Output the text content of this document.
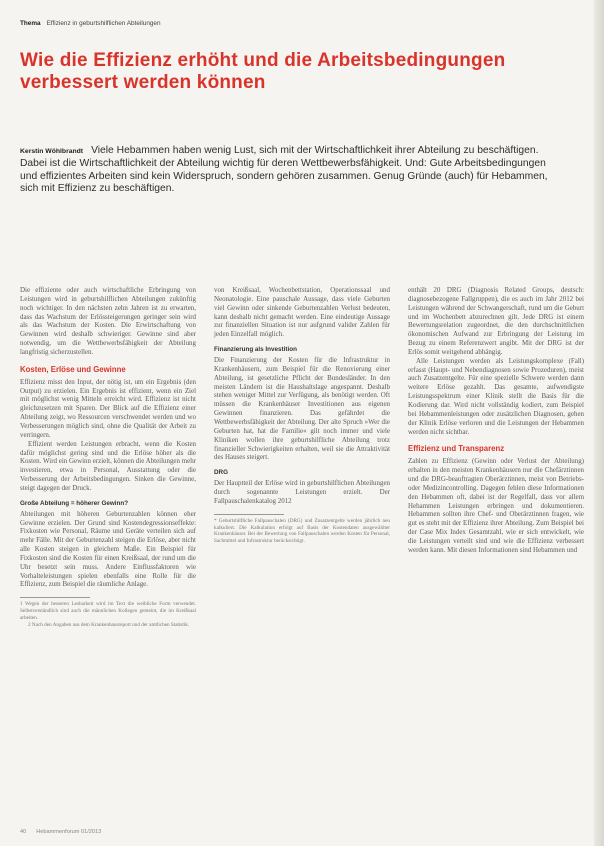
Thema Effizienz in geburtshilflichen Abteilungen
Wie die Effizienz erhöht und die Arbeitsbedingungen verbessert werden können
Kerstin Wöhlbrandt Viele Hebammen haben wenig Lust, sich mit der Wirtschaftlichkeit ihrer Abteilung zu beschäftigen. Dabei ist die Wirtschaftlichkeit der Abteilung wichtig für deren Wettbewerbsfähigkeit. Und: Gute Arbeitsbedingungen und effizientes Arbeiten sind kein Widerspruch, sondern gehören zusammen. Genug Gründe (auch) für Hebammen, sich mit Effizienz zu beschäftigen.

Die effiziente oder auch wirtschaftliche Erbringung von Leistungen wird in geburtshilflichen Abteilungen zukünftig noch wichtiger. In den nächsten zehn Jahren ist zu erwarten, dass das Wachstum der Erlössteigerungen geringer sein wird als das Wachstum der Kosten. Die Erwirtschaftung von Gewinnen wird deshalb schwieriger. Gewinne sind aber notwendig, um die Wettbewerbsfähigkeit der Abteilung langfristig sicherzustellen.

Kosten, Erlöse und Gewinne

Effizienz misst den Input, der nötig ist, um ein Ergebnis (den Output) zu erzielen. Ein Ergebnis ist effizient, wenn ein Ziel mit möglichst wenig Mitteln erreicht wird. Effizienz ist nicht gleichzusetzen mit Sparen. Der Blick auf die Effizienz einer Abteilung zeigt, wo Ressourcen verschwendet werden und wo Verbesserungen möglich sind, ohne die Qualität der Arbeit zu verringern.

Effizient werden Leistungen erbracht, wenn die Kosten dafür möglichst gering sind und die Erlöse höher als die Kosten. Wird ein Gewinn erzielt, können die Abteilungen mehr investieren, etwa in Personal, Ausstattung oder die Verbesserung der Arbeitsbedingungen. Sinken die Gewinne, steigt dagegen der Druck.

Große Abteilung = höherer Gewinn?

Abteilungen mit höheren Geburtenzahlen können eher Gewinne erzielen. Der Grund sind Kostendegressionseffekte: Fixkosten wie Personal, Räume und Geräte verteilen sich auf mehr Fälle. Mit der Geburtenzahl steigen die Erlöse, aber nicht alle Kosten steigen in gleichem Maße. Ein Beispiel für Fixkosten sind die Kosten für einen Kreißsaal, der rund um die Uhr besetzt sein muss. Andere Einflussfaktoren wie Vorhalteleistungen spielen ebenfalls eine Rolle für die Effizienz, zum Beispiel die räumliche Anlage.

1 Wegen der besseren Lesbarkeit wird im Text die weibliche Form verwendet. Selbstverständlich sind auch die männlichen Kollegen gemeint, die im Kreißsaal arbeiten.

2 Nach den Angaben aus dem Krankenhausreport und der amtlichen Statistik.

von Kreißsaal, Wochenbettstation, Operationssaal und Neonatologie. Eine pauschale Aussage, dass viele Geburten viel Gewinn oder sinkende Geburtenzahlen Verlust bedeuten, kann deshalb nicht gemacht werden. Eine eindeutige Aussage zur finanziellen Situation ist nur aufgrund valider Zahlen für jeden Einzelfall möglich.

Finanzierung als Investition

Die Finanzierung der Kosten für die Infrastruktur in Krankenhäusern, zum Beispiel für die Renovierung einer Abteilung, ist gesetzliche Pflicht der Bundesländer. In den meisten Ländern ist die Haushaltslage angespannt. Deshalb stehen weniger Mittel zur Verfügung, als benötigt werden. Oft müssen die Krankenhäuser Investitionen aus eigenen Gewinnen finanzieren. Das gefährdet die Wettbewerbsfähigkeit der Abteilung. Der alte Spruch »Wer die Geburten hat, hat die Familie« gilt noch immer und viele Kliniken wollen ihre geburtshilfliche Abteilung trotz finanzieller Schwierigkeiten erhalten, weil sie die Attraktivität des Hauses steigert.

DRG

Der Hauptteil der Erlöse wird in geburtshilflichen Abteilungen durch sogenannte Leistungen erzielt. Der Fallpauschalenkatalog 2012

* Geburtshilfliche Fallpauschalen (DRG) und Zusatzentgelte werden jährlich neu kalkuliert. Die Kalkulation erfolgt auf Basis der Kostendaten ausgewählter Krankenhäuser. Bei der Bewertung von Fallpauschalen werden Kosten für Personal, Sachmittel und Infrastruktur berücksichtigt.

enthält 20 DRG (Diagnosis Related Groups, deutsch: diagnosebezogene Fallgruppen), die es auch im Jahr 2012 bei Leistungen während der Schwangerschaft, rund um die Geburt und im Wochenbett abzurechnen gilt. Jede DRG ist einem Bewertungsrelation zugeordnet, die den durchschnittlichen ökonomischen Aufwand zur Erbringung der Leistung im Bezug zu einem Referenzwert angibt. Mit der DRG ist der Erlös somit weitgehend abhängig.

Alle Leistungen werden als Leistungskomplexe (Fall) erfasst (Haupt- und Nebendiagnosen sowie Prozeduren), meist auch Zusatzentgelte. Für eine spezielle Schwere werden dann weitere Erlöse gezahlt. Das gesamte, aufwendigste Leistungsspektrum einer Klinik stellt die Basis für die Kodierung dar. Wird nicht vollständig kodiert, zum Beispiel bei Hebammenleistungen oder zusätzlichen Diagnosen, gehen der Klinik Erlöse verloren und die Leistungen der Hebammen werden nicht sichtbar.

Effizienz und Transparenz

Zahlen zu Effizienz (Gewinn oder Verlust der Abteilung) erhalten in den meisten Krankenhäusern nur die Chefärztinnen und die DRG-beauftragten Oberärztinnen, meist von Betriebs- oder Medizincontrolling. Dagegen fehlen diese Informationen den Hebammen oft, dabei ist der Regelfall, dass vor allem Hebammen Leistungen erbringen und dokumentieren. Hebammen sollten ihre Chef- und Oberärztinnen fragen, wie gut es steht mit der Effizienz ihrer Abteilung. Zum Beispiel bei der Case Mix Index Gesamtzahl, wie er sich entwickelt, wie die Leistungen verteilt sind und wie die Effizienz verbessert werden kann. Mit diesen Informationen sind Hebammen und

40 Hebammenforum 01/2013
